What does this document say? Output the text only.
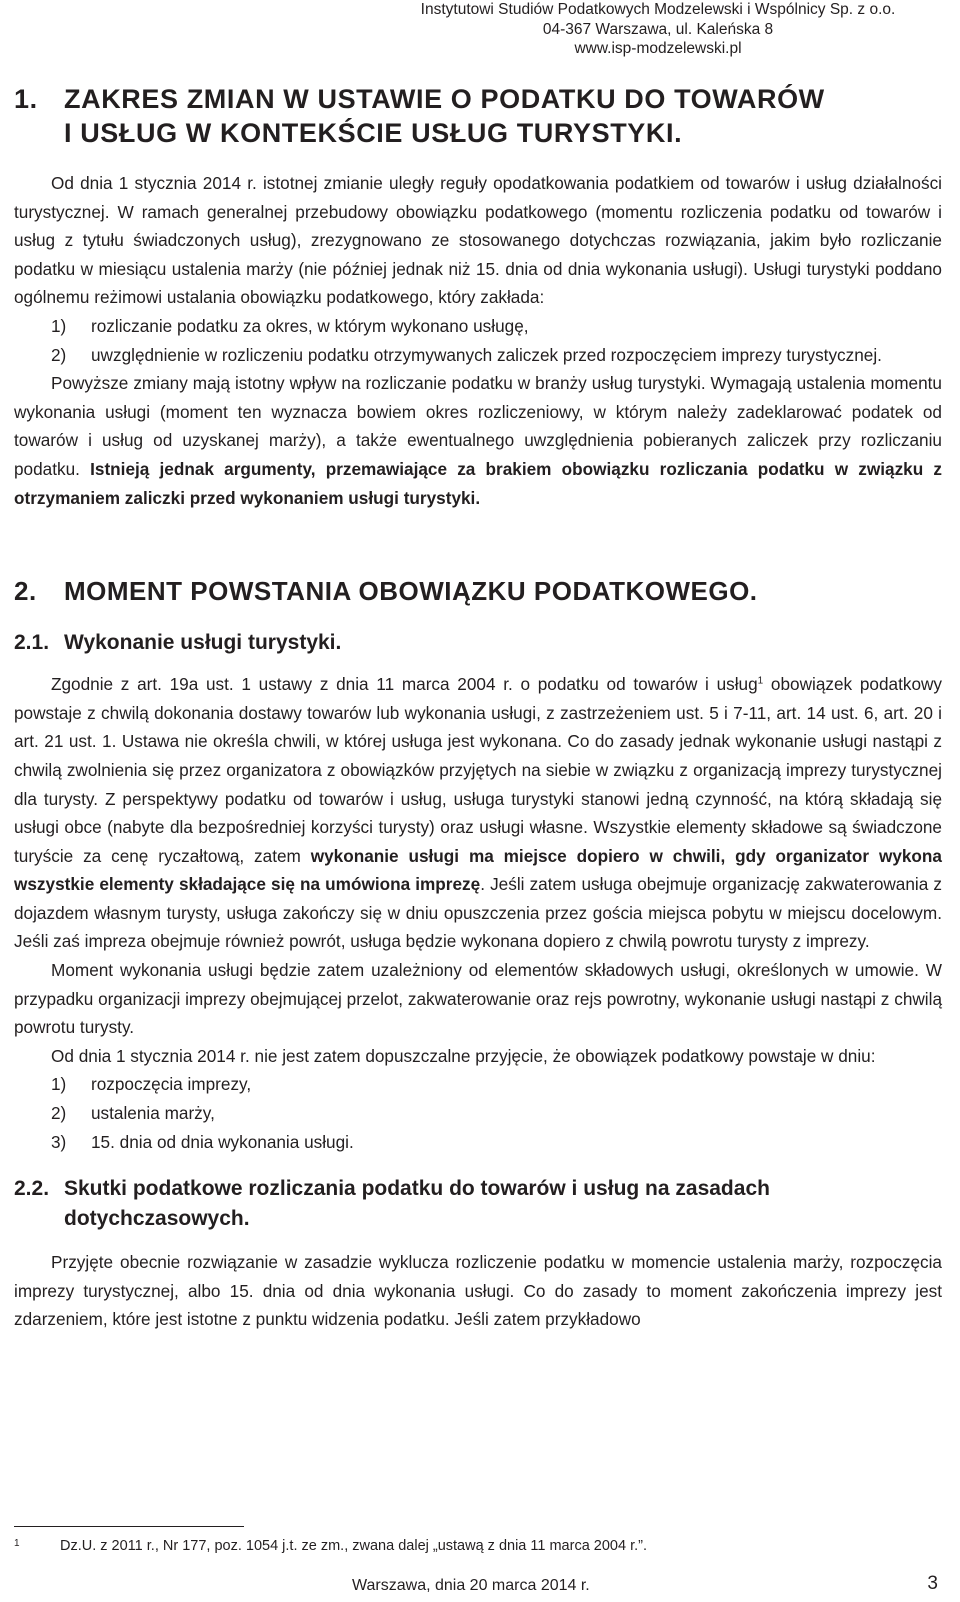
Instytutowi Studiów Podatkowych Modzelewski i Wspólnicy Sp. z o.o.
04-367 Warszawa, ul. Kaleńska 8
www.isp-modzelewski.pl
1. ZAKRES ZMIAN W USTAWIE O PODATKU DO TOWARÓW
I USŁUG W KONTEKŚCIE USŁUG TURYSTYKI.

Od dnia 1 stycznia 2014 r. istotnej zmianie uległy reguły opodatkowania podatkiem od towarów i usług działalności turystycznej. W ramach generalnej przebudowy obowiązku podatkowego (momentu rozliczenia podatku od towarów i usług z tytułu świadczonych usług), zrezygnowano ze stosowanego dotychczas rozwiązania, jakim było rozliczanie podatku w miesiącu ustalenia marży (nie później jednak niż 15. dnia od dnia wykonania usługi). Usługi turystyki poddano ogólnemu reżimowi ustalania obowiązku podatkowego, który zakłada:

1)	rozliczanie podatku za okres, w którym wykonano usługę,
2)	uwzględnienie w rozliczeniu podatku otrzymywanych zaliczek przed rozpoczęciem imprezy turystycznej.

Powyższe zmiany mają istotny wpływ na rozliczanie podatku w branży usług turystyki. Wymagają ustalenia momentu wykonania usługi (moment ten wyznacza bowiem okres rozliczeniowy, w którym należy zadeklarować podatek od towarów i usług od uzyskanej marży), a także ewentualnego uwzględnienia pobieranych zaliczek przy rozliczaniu podatku. Istnieją jednak argumenty, przemawiające za brakiem obowiązku rozliczania podatku w związku z otrzymaniem zaliczki przed wykonaniem usługi turystyki.

2.	MOMENT POWSTANIA OBOWIĄZKU PODATKOWEGO.
2.1. Wykonanie usługi turystyki.

Zgodnie z art. 19a ust. 1 ustawy z dnia 11 marca 2004 r. o podatku od towarów i usług$^1$ obowiązek podatkowy powstaje z chwilą dokonania dostawy towarów lub wykonania usługi, z zastrzeżeniem ust. 5 i 7-11, art. 14 ust. 6, art. 20 i art. 21 ust. 1. Ustawa nie określa chwili, w której usługa jest wykonana. Co do zasady jednak wykonanie usługi nastąpi z chwilą zwolnienia się przez organizatora z obowiązków przyjętych na siebie w związku z organizacją imprezy turystycznej dla turysty. Z perspektywy podatku od towarów i usług, usługa turystyki stanowi jedną czynność, na którą składają się usługi obce (nabyte dla bezpośredniej korzyści turysty) oraz usługi własne. Wszystkie elementy składowe są świadczone turyście za cenę ryczałtową, zatem wykonanie usługi ma miejsce dopiero w chwili, gdy organizator wykona wszystkie elementy składające się na umówiona imprezę. Jeśli zatem usługa obejmuje organizację zakwaterowania z dojazdem własnym turysty, usługa zakończy się w dniu opuszczenia przez gościa miejsca pobytu w miejscu docelowym. Jeśli zaś impreza obejmuje również powrót, usługa będzie wykonana dopiero z chwilą powrotu turysty z imprezy.

Moment wykonania usługi będzie zatem uzależniony od elementów składowych usługi, określonych w umowie. W przypadku organizacji imprezy obejmującej przelot, zakwaterowanie oraz rejs powrotny, wykonanie usługi nastąpi z chwilą powrotu turysty.

Od dnia 1 stycznia 2014 r. nie jest zatem dopuszczalne przyjęcie, że obowiązek podatkowy powstaje w dniu:

1)	rozpoczęcia imprezy,
2)	ustalenia marży,
3)	15. dnia od dnia wykonania usługi.
2.2. Skutki podatkowe rozliczania podatku do towarów i usług na zasadach
dotychczasowych.

Przyjęte obecnie rozwiązanie w zasadzie wyklucza rozliczenie podatku w momencie ustalenia marży, rozpoczęcia imprezy turystycznej, albo 15. dnia od dnia wykonania usługi. Co do zasady to moment zakończenia imprezy jest zdarzeniem, które jest istotne z punktu widzenia podatku. Jeśli zatem przykładowo

1	Dz.U. z 2011 r., Nr 177, poz. 1054 j.t. ze zm., zwana dalej „ustawą z dnia 11 marca 2004 r.”.
Warszawa, dnia 20 marca 2014 r.	3
